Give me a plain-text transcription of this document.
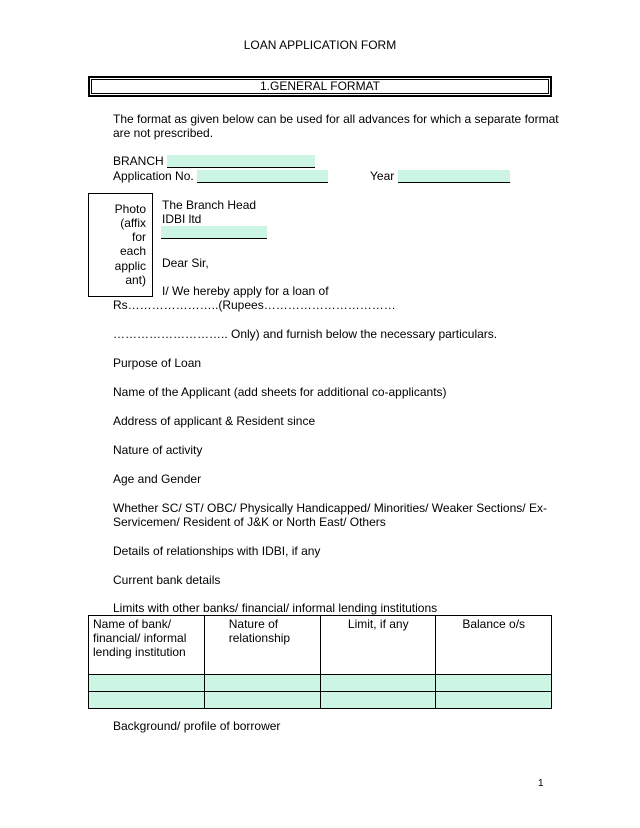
LOAN APPLICATION FORM
1.GENERAL FORMAT
The format as given below can be used for all advances for which a separate format
are not prescribed.
BRANCH
Application No.	Year
Photo
(affix
for
each
applic
ant)
The Branch Head
IDBI ltd
Dear Sir,
I/ We hereby apply for a loan of
Rs…………………..(Rupees……………………………
……………………….. Only) and furnish below the necessary particulars.
Purpose of Loan
Name of the Applicant (add sheets for additional co-applicants)
Address of applicant & Resident since
Nature of activity
Age and Gender
Whether SC/ ST/ OBC/ Physically Handicapped/ Minorities/ Weaker Sections/ Ex-
Servicemen/ Resident of J&K or North East/ Others
Details of relationships with IDBI, if any
Current bank details
Limits with other banks/ financial/ informal lending institutions
Name of bank/ financial/ informal lending institution	Nature of relationship	Limit, if any	Balance o/s

Background/ profile of borrower
1
